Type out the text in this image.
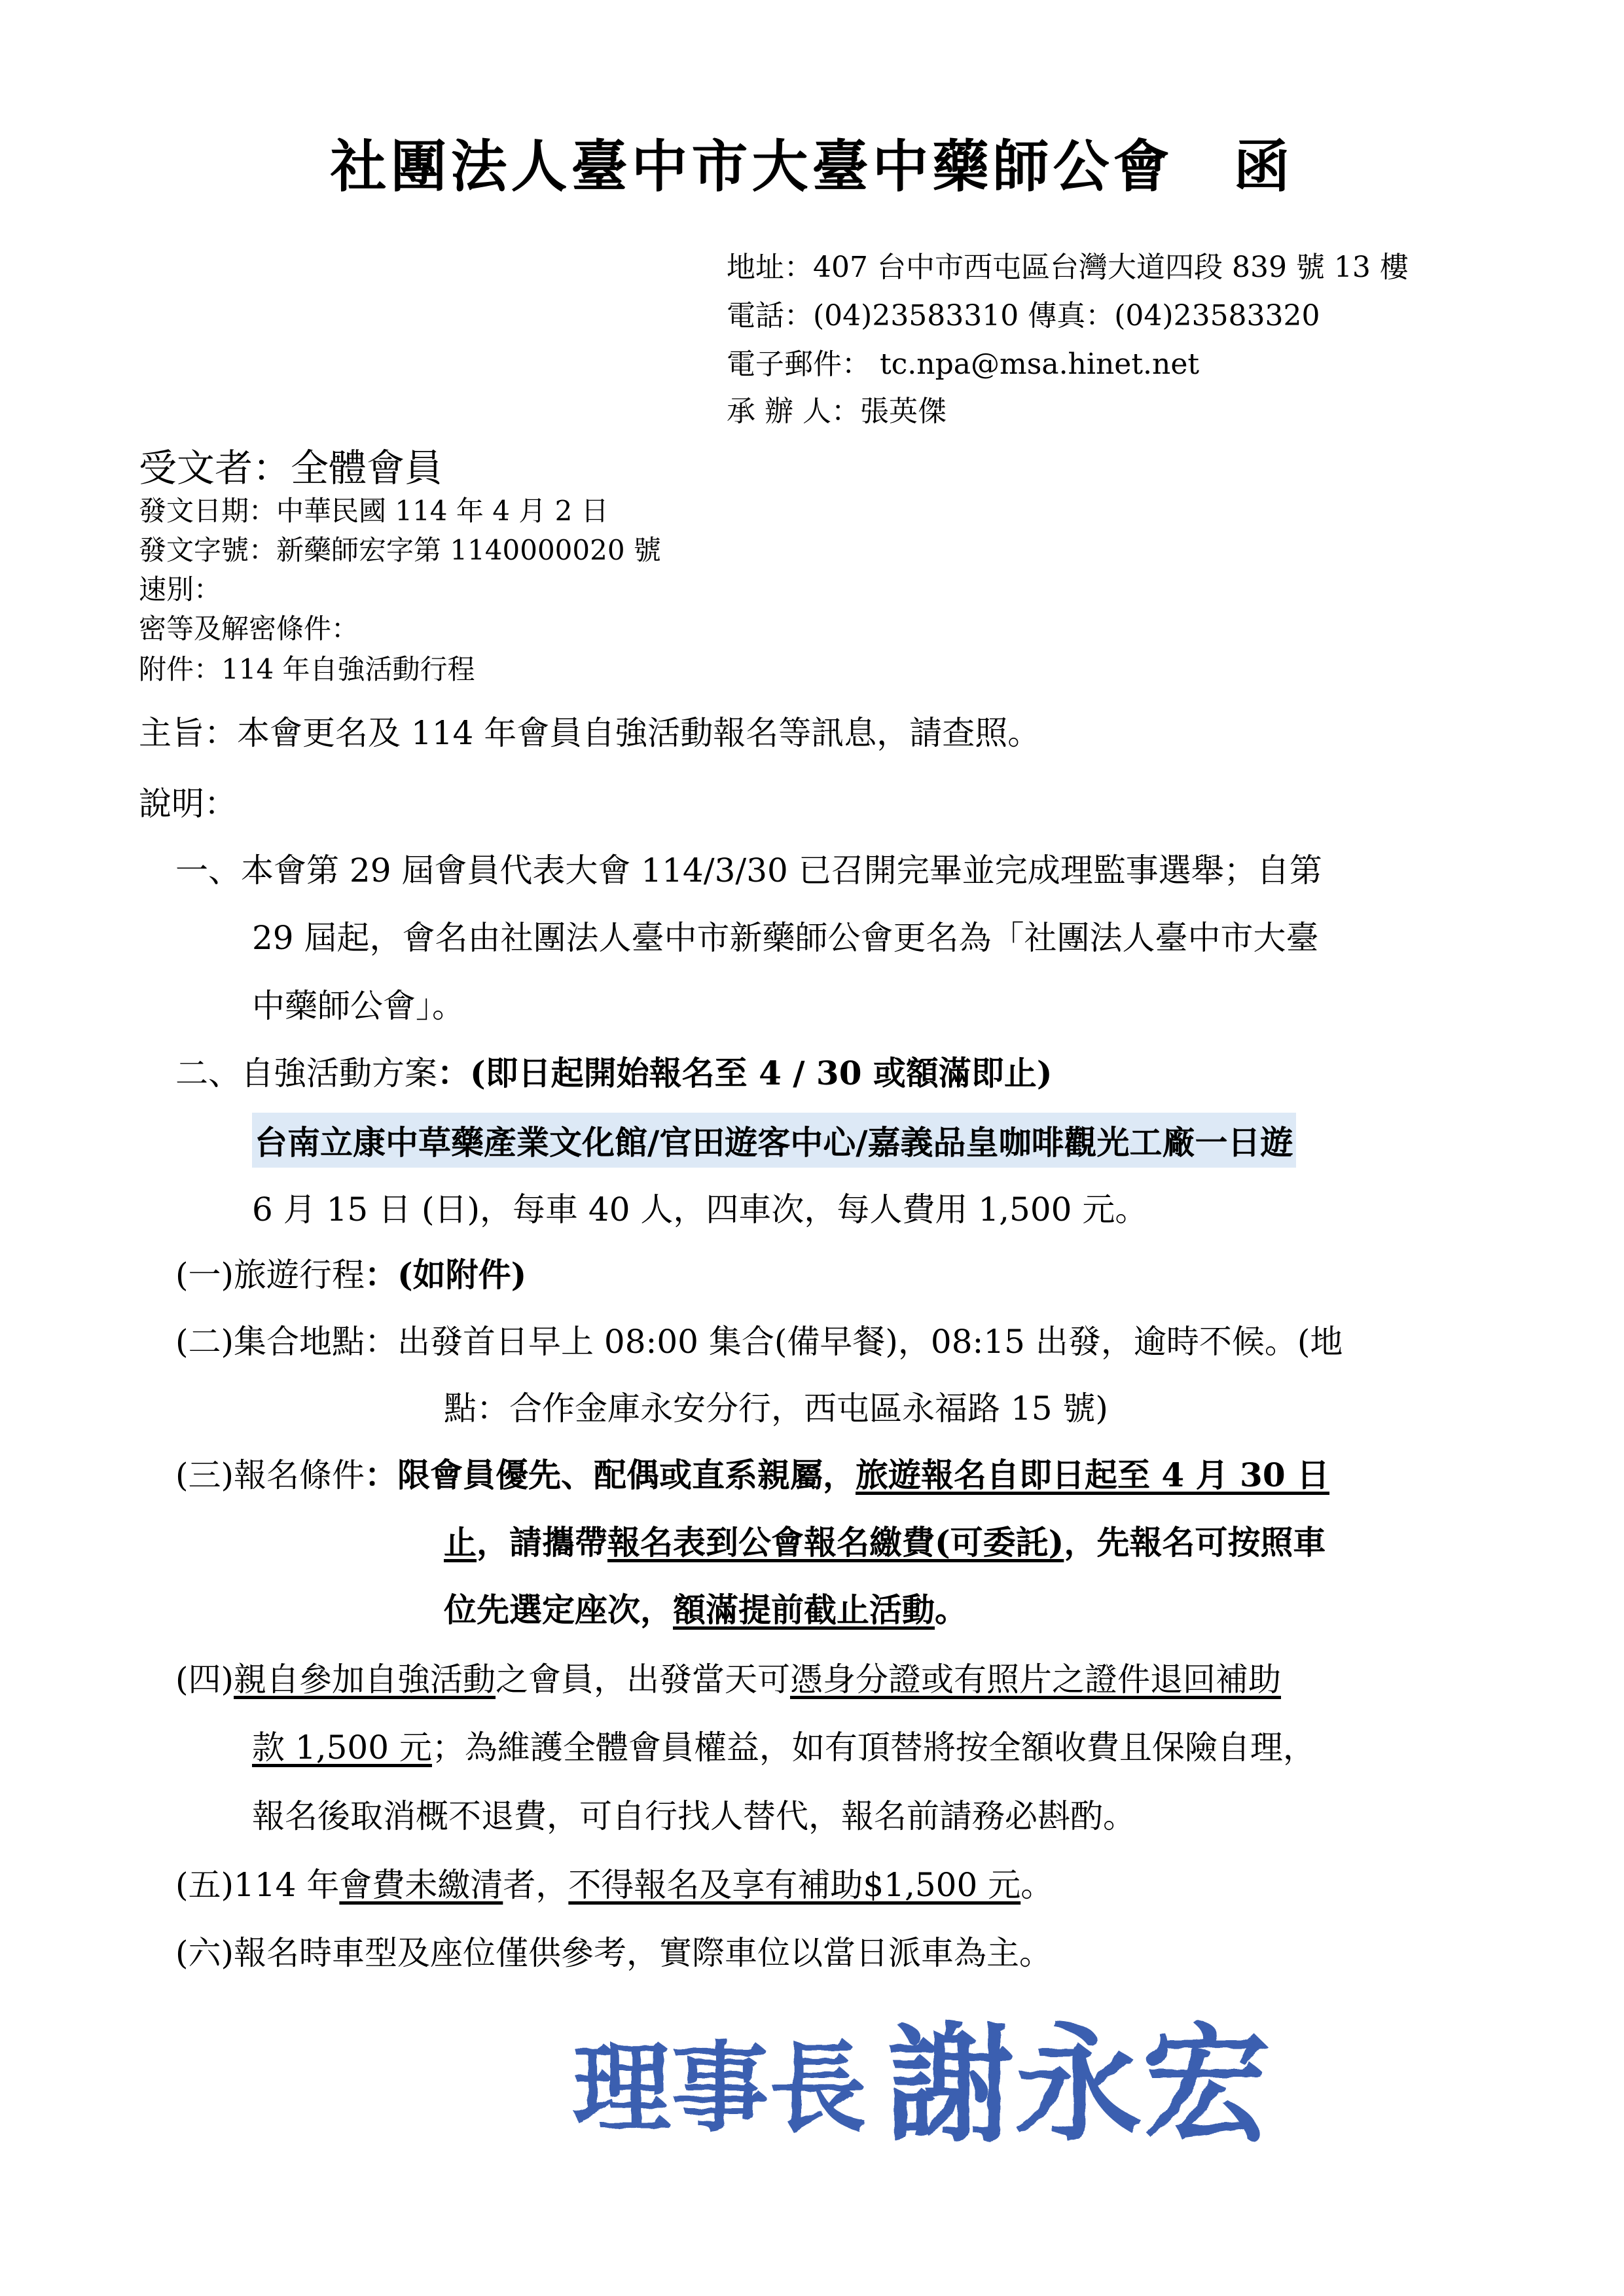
社團法人臺中市大臺中藥師公會　函
地址：407 台中市西屯區台灣大道四段 839 號 13 樓
電話：(04)23583310 傳真：(04)23583320
電子郵件： tc.npa@msa.hinet.net
承 辦 人：張英傑
受文者：全體會員
發文日期：中華民國 114 年 4 月 2 日
發文字號：新藥師宏字第 1140000020 號
速別：
密等及解密條件：
附件：114 年自強活動行程
主旨：本會更名及 114 年會員自強活動報名等訊息，請查照。
說明：
一、本會第 29 屆會員代表大會 114/3/30 已召開完畢並完成理監事選舉；自第
29 屆起，會名由社團法人臺中市新藥師公會更名為「社團法人臺中市大臺
中藥師公會」。
二、自強活動方案：(即日起開始報名至 4 / 30 或額滿即止)
台南立康中草藥產業文化館/官田遊客中心/嘉義品皇咖啡觀光工廠一日遊
6 月 15 日 (日)，每車 40 人，四車次，每人費用 1,500 元。
(一)旅遊行程：(如附件)
(二)集合地點：出發首日早上 08:00 集合(備早餐)，08:15 出發，逾時不候。(地
點：合作金庫永安分行，西屯區永福路 15 號)
(三)報名條件：限會員優先、配偶或直系親屬，旅遊報名自即日起至 4 月 30 日
止，請攜帶報名表到公會報名繳費(可委託)，先報名可按照車
位先選定座次，額滿提前截止活動。
(四)親自參加自強活動之會員，出發當天可憑身分證或有照片之證件退回補助
款 1,500 元；為維護全體會員權益，如有頂替將按全額收費且保險自理，
報名後取消概不退費，可自行找人替代，報名前請務必斟酌。
(五)114 年會費未繳清者，不得報名及享有補助$1,500 元。
(六)報名時車型及座位僅供參考，實際車位以當日派車為主。
理事長 謝永宏
